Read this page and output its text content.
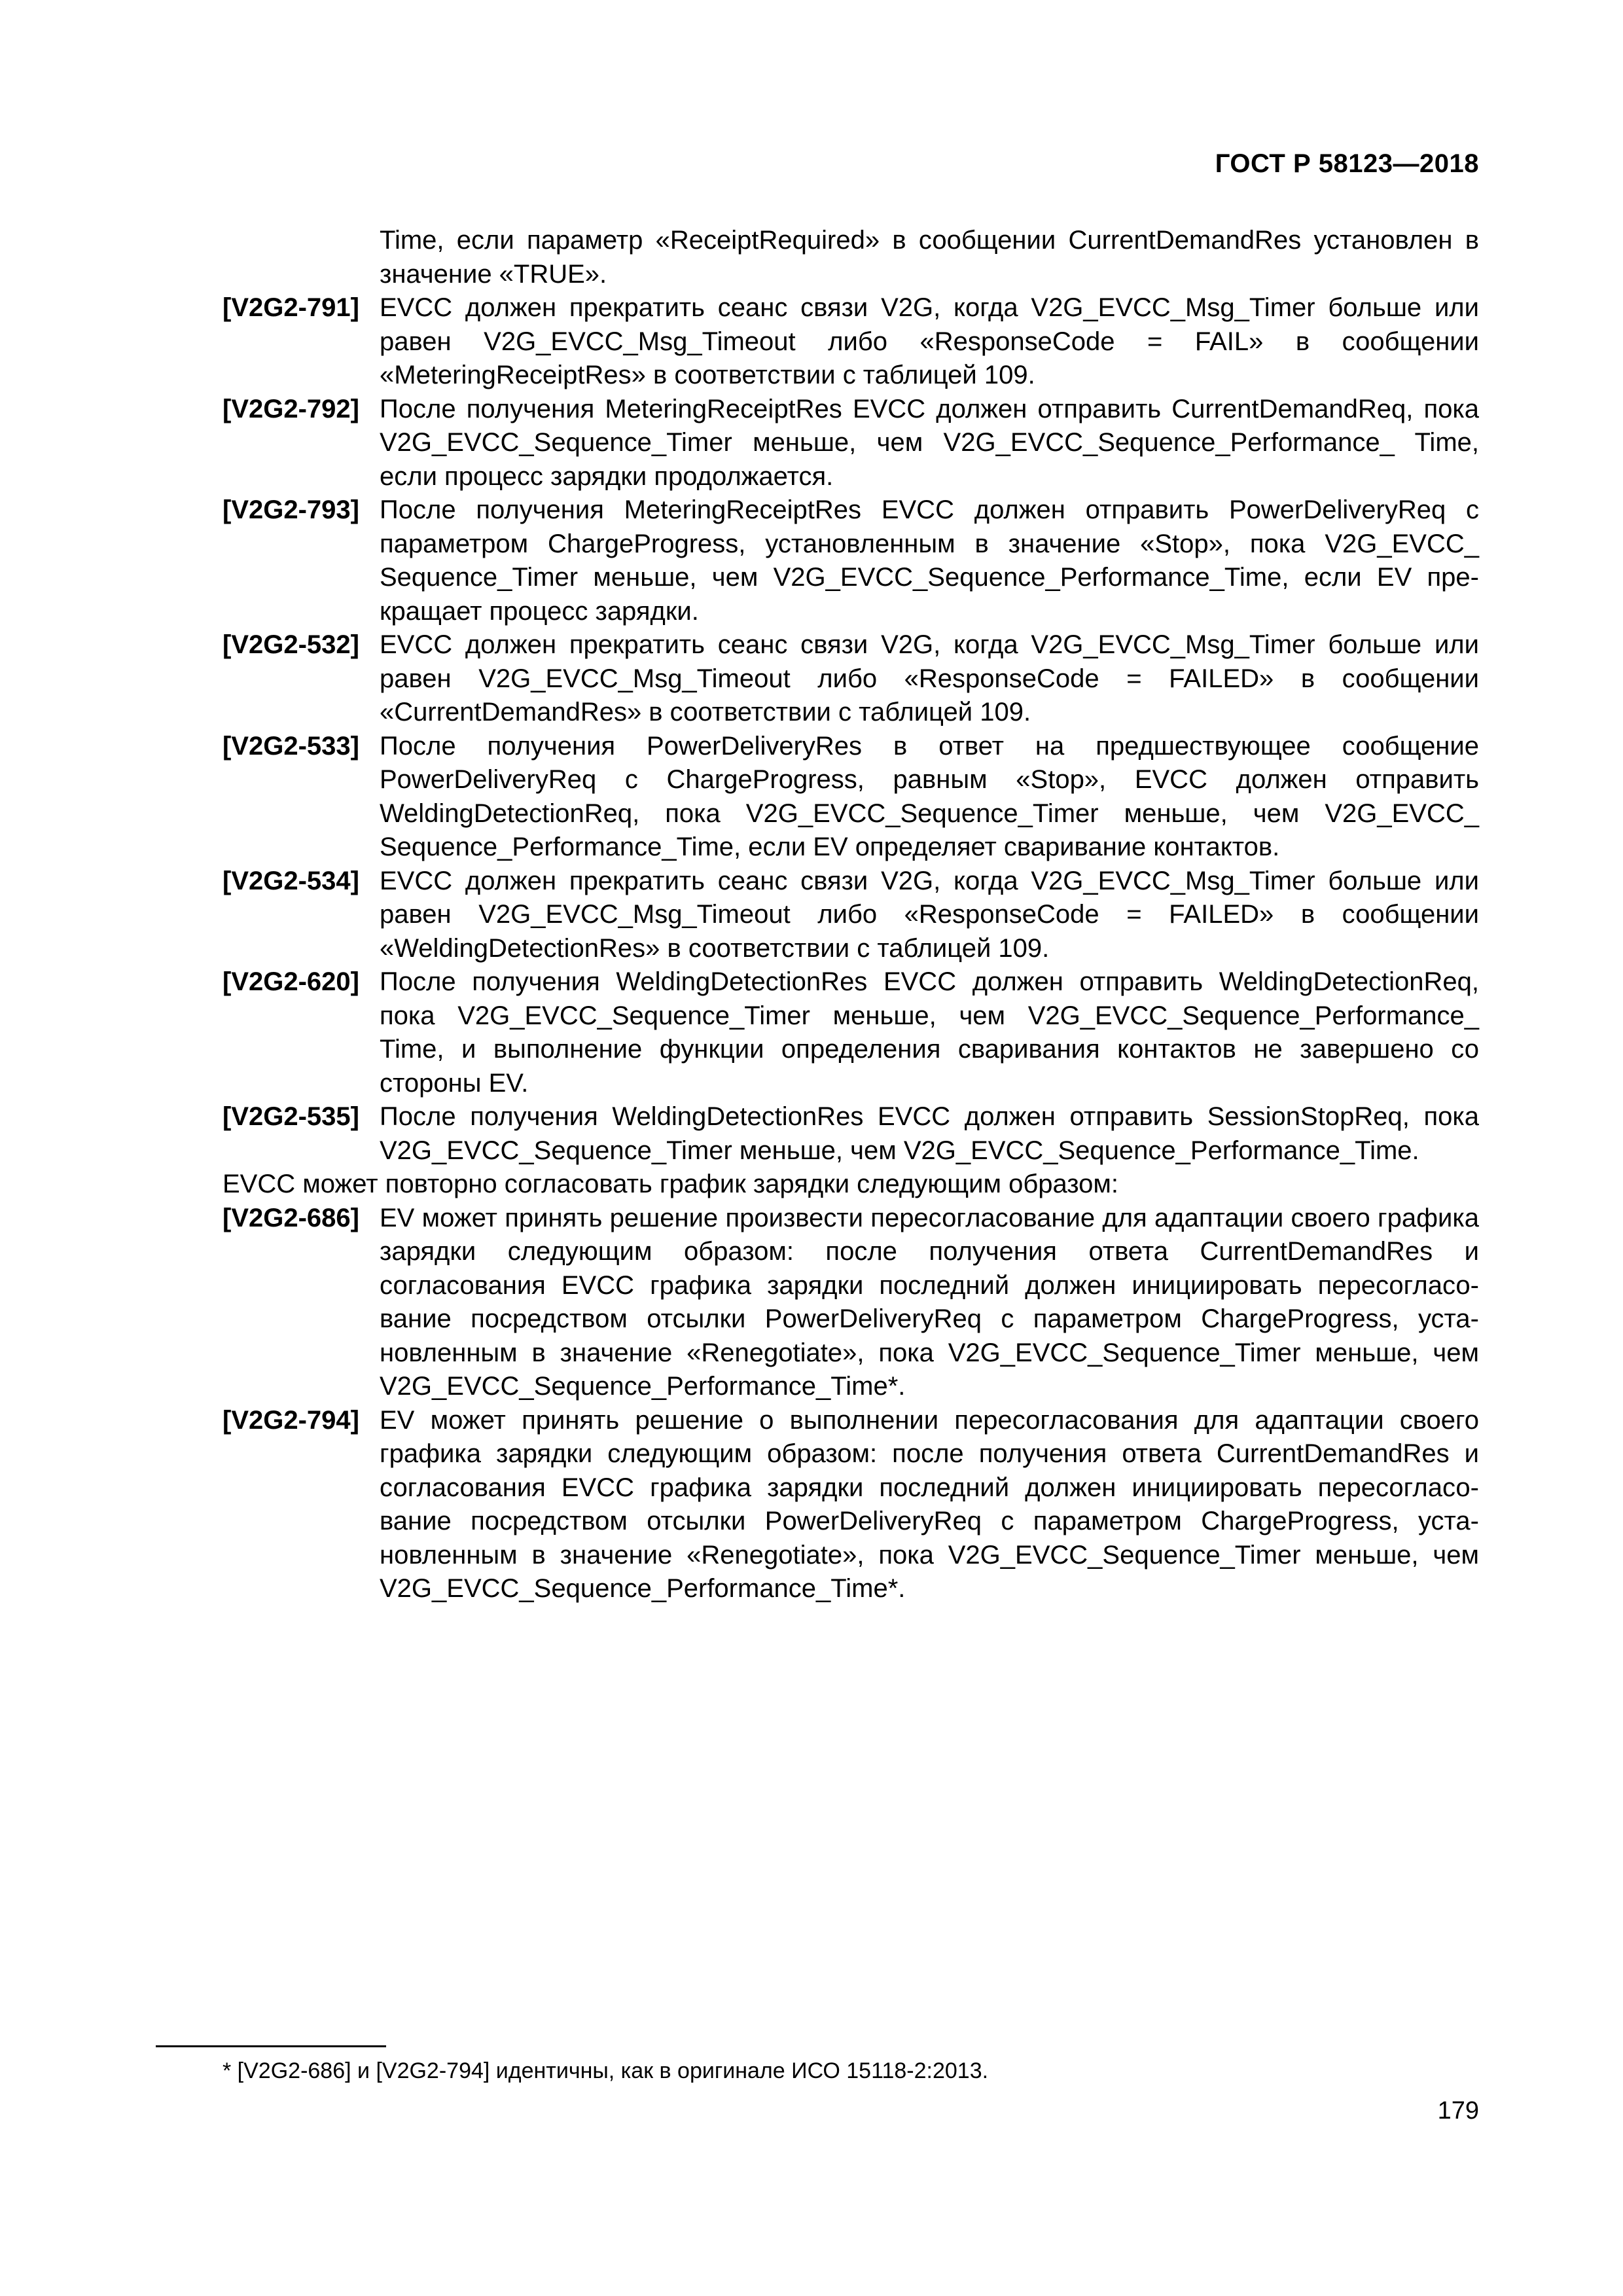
ГОСТ Р 58123—2018
Time, если параметр «ReceiptRequired» в сообщении CurrentDemandRes установлен в значение «TRUE».
[V2G2-791] EVCC должен прекратить сеанс связи V2G, когда V2G_EVCC_Msg_Timer больше или равен V2G_EVCC_Msg_Timeout либо «ResponseCode = FAIL» в сообщении «MeteringReceiptRes» в соответствии с таблицей 109.
[V2G2-792] После получения MeteringReceiptRes EVCC должен отправить CurrentDemandReq, пока V2G_EVCC_Sequence_Timer меньше, чем V2G_EVCC_Sequence_Performance_ Time, если процесс зарядки продолжается.
[V2G2-793] После получения MeteringReceiptRes EVCC должен отправить PowerDeliveryReq с параметром ChargeProgress, установленным в значение «Stop», пока V2G_EVCC_ Sequence_Timer меньше, чем V2G_EVCC_Sequence_Performance_Time, если EV прекращает процесс зарядки.
[V2G2-532] EVCC должен прекратить сеанс связи V2G, когда V2G_EVCC_Msg_Timer больше или равен V2G_EVCC_Msg_Timeout либо «ResponseCode = FAILED» в сообщении «CurrentDemandRes» в соответствии с таблицей 109.
[V2G2-533] После получения PowerDeliveryRes в ответ на предшествующее сообщение PowerDeliveryReq с ChargeProgress, равным «Stop», EVCC должен отправить WeldingDetectionReq, пока V2G_EVCC_Sequence_Timer меньше, чем V2G_EVCC_ Sequence_Performance_Time, если EV определяет сваривание контактов.
[V2G2-534] EVCC должен прекратить сеанс связи V2G, когда V2G_EVCC_Msg_Timer больше или равен V2G_EVCC_Msg_Timeout либо «ResponseCode = FAILED» в сообщении «WeldingDetectionRes» в соответствии с таблицей 109.
[V2G2-620] После получения WeldingDetectionRes EVCC должен отправить WeldingDetectionReq, пока V2G_EVCC_Sequence_Timer меньше, чем V2G_EVCC_Sequence_Performance_ Time, и выполнение функции определения сваривания контактов не завершено со стороны EV.
[V2G2-535] После получения WeldingDetectionRes EVCC должен отправить SessionStopReq, пока V2G_EVCC_Sequence_Timer меньше, чем V2G_EVCC_Sequence_Performance_Time.
EVCC может повторно согласовать график зарядки следующим образом:
[V2G2-686] EV может принять решение произвести пересогласование для адаптации своего графика зарядки следующим образом: после получения ответа CurrentDemandRes и согласования EVCC графика зарядки последний должен инициировать пересогласование посредством отсылки PowerDeliveryReq с параметром ChargeProgress, установленным в значение «Renegotiate», пока V2G_EVCC_Sequence_Timer меньше, чем V2G_EVCC_Sequence_Performance_Time*.
[V2G2-794] EV может принять решение о выполнении пересогласования для адаптации своего графика зарядки следующим образом: после получения ответа CurrentDemandRes и согласования EVCC графика зарядки последний должен инициировать пересогласование посредством отсылки PowerDeliveryReq с параметром ChargeProgress, установленным в значение «Renegotiate», пока V2G_EVCC_Sequence_Timer меньше, чем V2G_EVCC_Sequence_Performance_Time*.
* [V2G2-686] и [V2G2-794] идентичны, как в оригинале ИСО 15118-2:2013.
179
